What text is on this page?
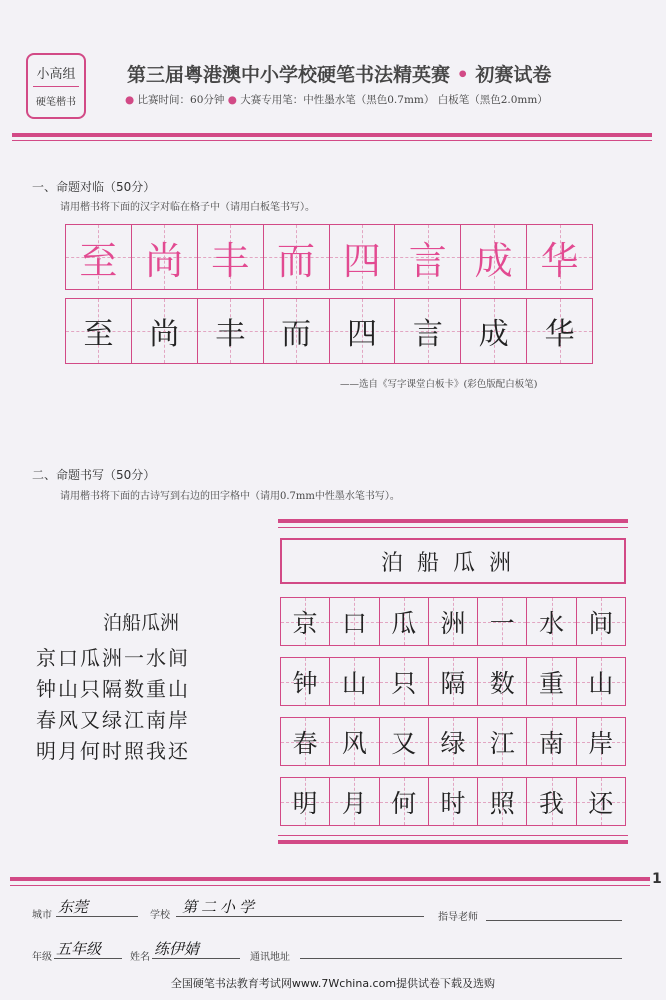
小高组
硬笔楷书
第三届粤港澳中小学校硬笔书法精英赛 • 初赛试卷
● 比赛时间：60分钟 ● 大赛专用笔：中性墨水笔（黑色0.7mm） 白板笔（黑色2.0mm）
一、命题对临（50分）
请用楷书将下面的汉字对临在格子中（请用白板笔书写）。
至 尚 丰 而 四 言 成 华
至 尚 丰 而 四 言 成 华
——选自《写字课堂白板卡》(彩色版配白板笔)
二、命题书写（50分）
请用楷书将下面的古诗写到右边的田字格中（请用0.7mm中性墨水笔书写）。
泊船瓜洲
京口瓜洲一水间
钟山只隔数重山
春风又绿江南岸
明月何时照我还
泊船瓜洲
京 口 瓜 洲 一 水 间
钟 山 只 隔 数 重 山
春 风 又 绿 江 南 岸
明 月 何 时 照 我 还
1
城市 东莞	学校 第二小学
指导老师
年级 五年级	姓名 练伊婧	通讯地址
全国硬笔书法教育考试网www.7Wchina.com提供试卷下载及选购
